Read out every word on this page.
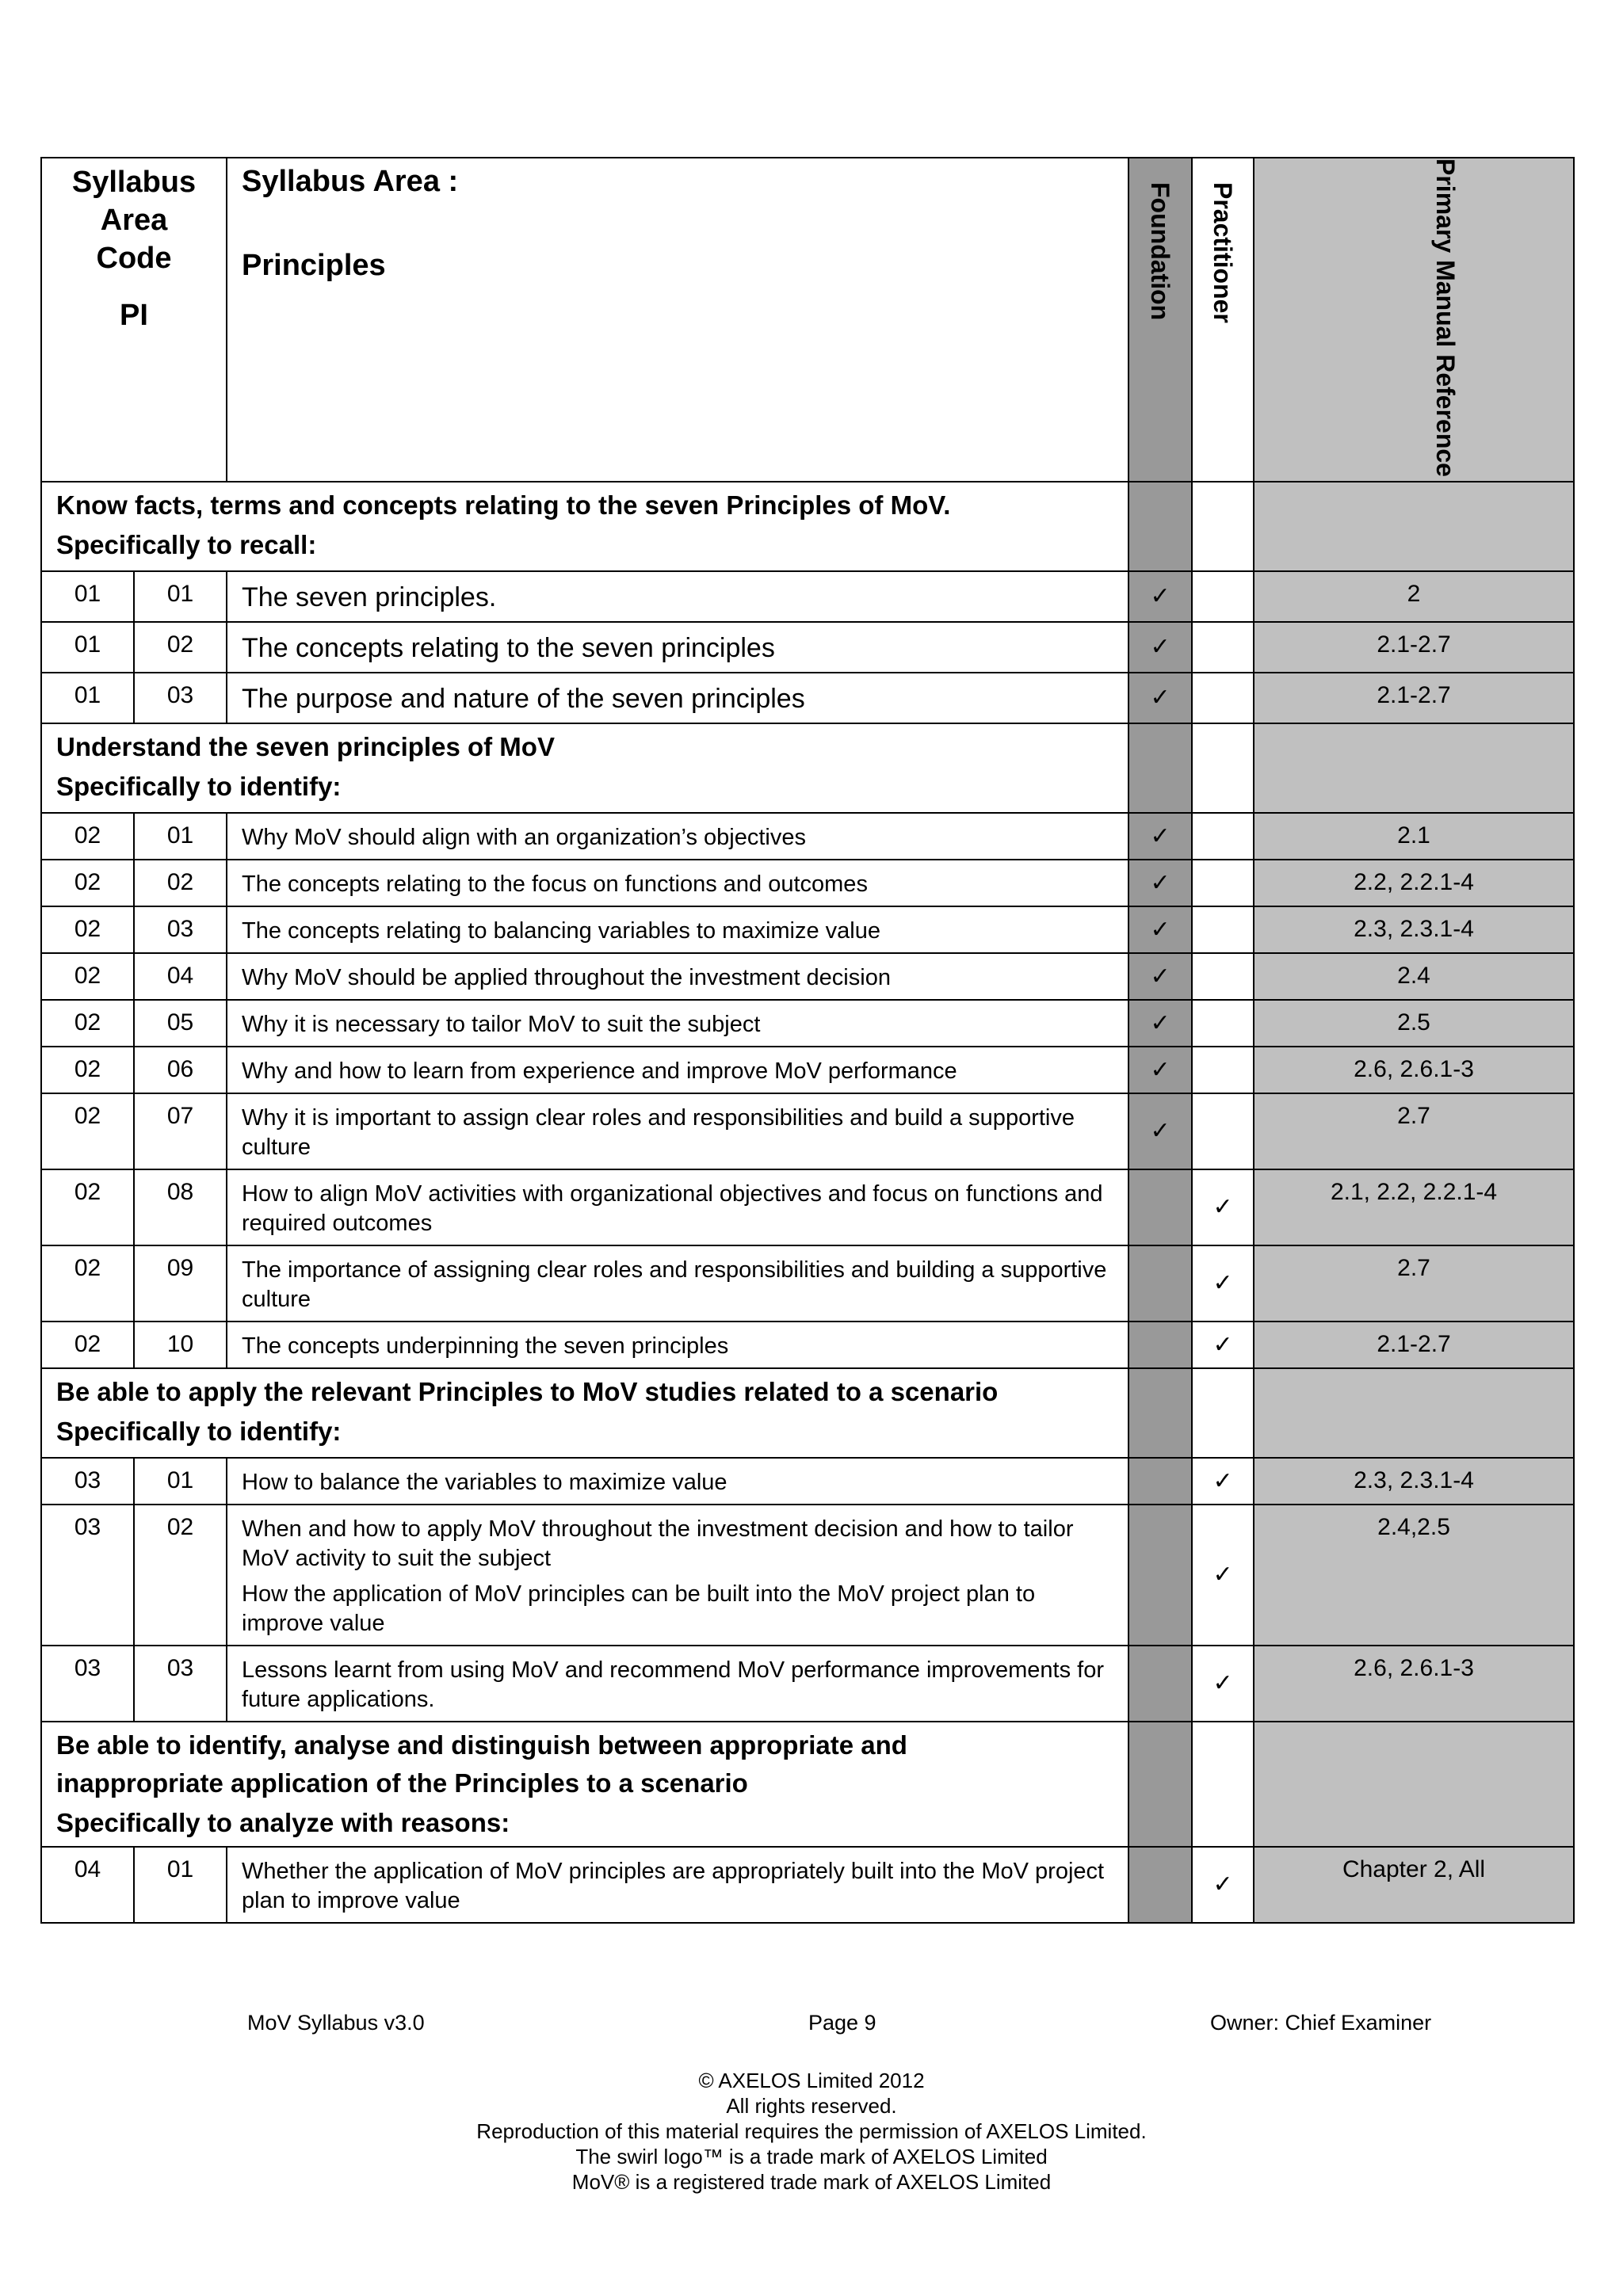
Syllabus
Area
Code
PI		Syllabus Area :
Principles	Foundation	Practitioner	Primary Manual Reference

Know facts, terms and concepts relating to the seven Principles of MoV.
Specifically to recall:					

01	01	The seven principles.	✓		2
01	02	The concepts relating to the seven principles	✓		2.1-2.7
01	03	The purpose and nature of the seven principles	✓		2.1-2.7

Understand the seven principles of MoV
Specifically to identify:					

02	01	Why MoV should align with an organization’s objectives	✓		2.1
02	02	The concepts relating to the focus on functions and outcomes	✓		2.2, 2.2.1-4
02	03	The concepts relating to balancing variables to maximize value	✓		2.3, 2.3.1-4
02	04	Why MoV should be applied throughout the investment decision	✓		2.4
02	05	Why it is necessary to tailor MoV to suit the subject	✓		2.5
02	06	Why and how to learn from experience and improve MoV performance	✓		2.6, 2.6.1-3
02	07	Why it is important to assign clear roles and responsibilities and build a supportive culture	✓		2.7
02	08	How to align MoV activities with organizational objectives and focus on functions and required outcomes		✓	2.1, 2.2, 2.2.1-4
02	09	The importance of assigning clear roles and responsibilities and building a supportive culture		✓	2.7
02	10	The concepts underpinning the seven principles		✓	2.1-2.7

Be able to apply the relevant Principles to MoV studies related to a scenario
Specifically to identify:					

03	01	How to balance the variables to maximize value		✓	2.3, 2.3.1-4
03	02	When and how to apply MoV throughout the investment decision and how to tailor MoV activity to suit the subject
How the application of MoV principles can be built into the MoV project plan to improve value		✓	2.4,2.5
03	03	Lessons learnt from using MoV and recommend MoV performance improvements for future applications.		✓	2.6, 2.6.1-3

Be able to identify, analyse and distinguish between appropriate and
inappropriate application of the Principles to a scenario
Specifically to analyze with reasons:					

04	01	Whether the application of MoV principles are appropriately built into the MoV project plan to improve value		✓	Chapter 2, All
MoV Syllabus v3.0	Page 9	Owner: Chief Examiner
© AXELOS Limited 2012
All rights reserved.
Reproduction of this material requires the permission of AXELOS Limited.
The swirl logo™ is a trade mark of AXELOS Limited
MoV® is a registered trade mark of AXELOS Limited
